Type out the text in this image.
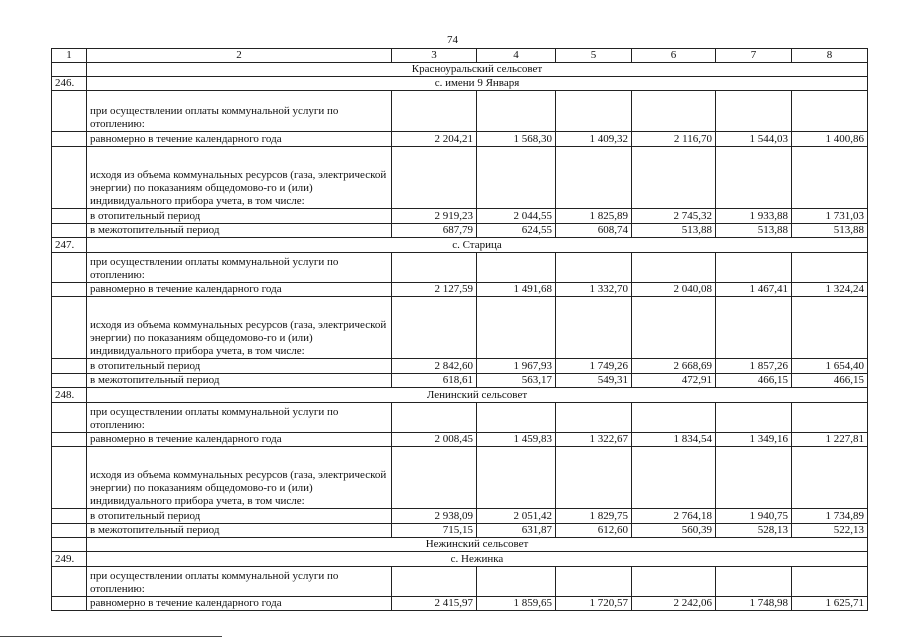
74
1	2	3	4	5	6	7	8
	Красноуральский сельсовет						
246.	с. имени 9 Января						
	при осуществлении оплаты коммунальной услуги по отоплению:						
	равномерно в течение календарного года	2 204,21	1 568,30	1 409,32	2 116,70	1 544,03	1 400,86
	исходя из объема коммунальных ресурсов (газа, электрической энергии) по показаниям общедомово-го и (или) индивидуального прибора учета, в том числе:						
	в отопительный период	2 919,23	2 044,55	1 825,89	2 745,32	1 933,88	1 731,03
	в межотопительный период	687,79	624,55	608,74	513,88	513,88	513,88
247.	с. Старица						
	при осуществлении оплаты коммунальной услуги по отоплению:						
	равномерно в течение календарного года	2 127,59	1 491,68	1 332,70	2 040,08	1 467,41	1 324,24
	исходя из объема коммунальных ресурсов (газа, электрической энергии) по показаниям общедомово-го и (или) индивидуального прибора учета, в том числе:						
	в отопительный период	2 842,60	1 967,93	1 749,26	2 668,69	1 857,26	1 654,40
	в межотопительный период	618,61	563,17	549,31	472,91	466,15	466,15
248.	Ленинский сельсовет						
	при осуществлении оплаты коммунальной услуги по отоплению:						
	равномерно в течение календарного года	2 008,45	1 459,83	1 322,67	1 834,54	1 349,16	1 227,81
	исходя из объема коммунальных ресурсов (газа, электрической энергии) по показаниям общедомово-го и (или) индивидуального прибора учета, в том числе:						
	в отопительный период	2 938,09	2 051,42	1 829,75	2 764,18	1 940,75	1 734,89
	в межотопительный период	715,15	631,87	612,60	560,39	528,13	522,13
	Нежинский сельсовет						
249.	с. Нежинка						
	при осуществлении оплаты коммунальной услуги по отоплению:						
	равномерно в течение календарного года	2 415,97	1 859,65	1 720,57	2 242,06	1 748,98	1 625,71
